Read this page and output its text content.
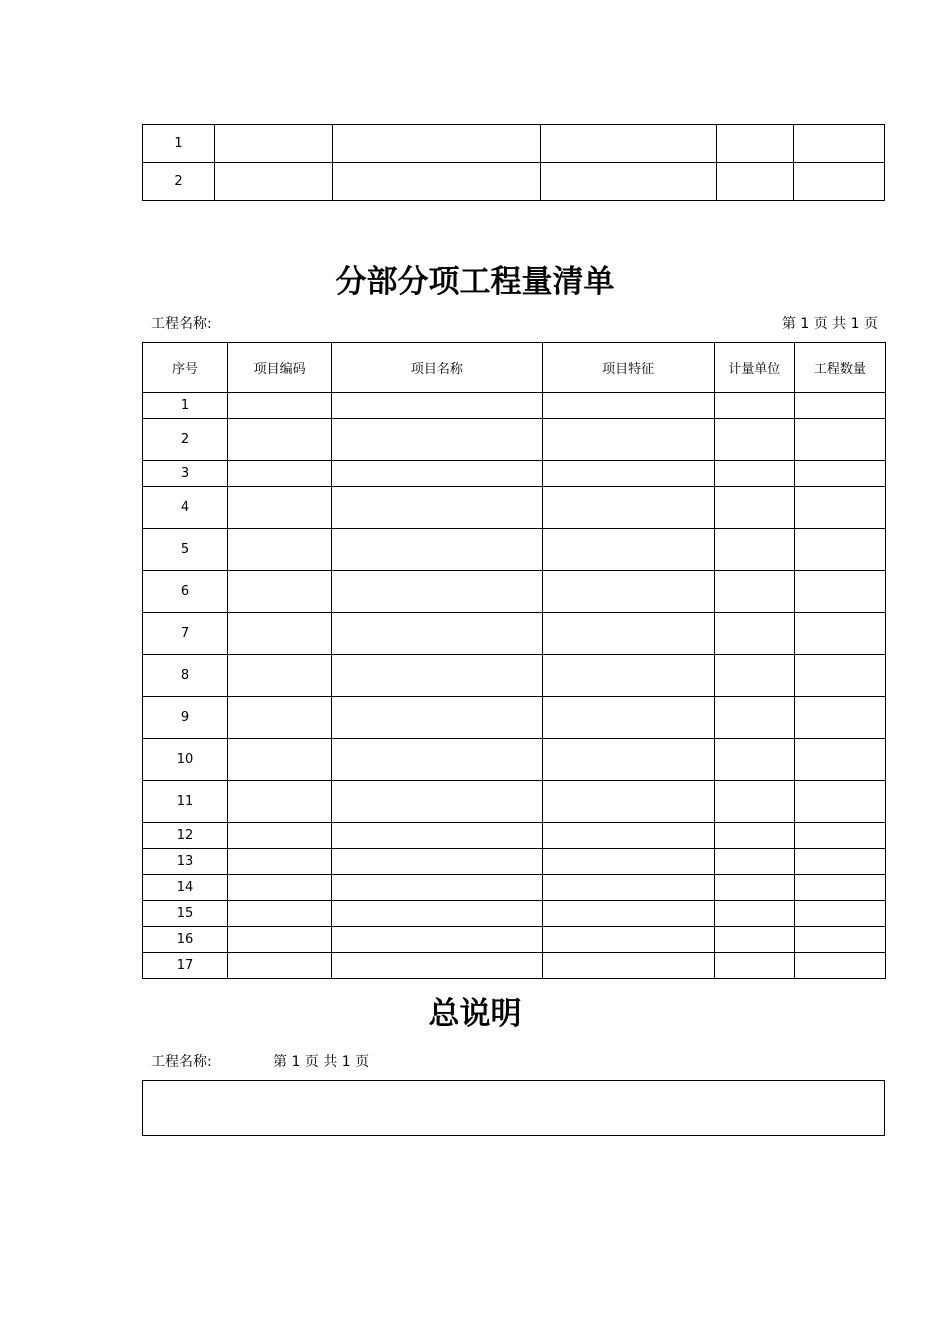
1					
2					
分部分项工程量清单
工程名称:	第 1 页 共 1 页
序号	项目编码	项目名称	项目特征	计量单位	工程数量
1					
2					
3					
4					
5					
6					
7					
8					
9					
10					
11					
12					
13					
14					
15					
16					
17					
总说明
工程名称:	第 1 页 共 1 页
